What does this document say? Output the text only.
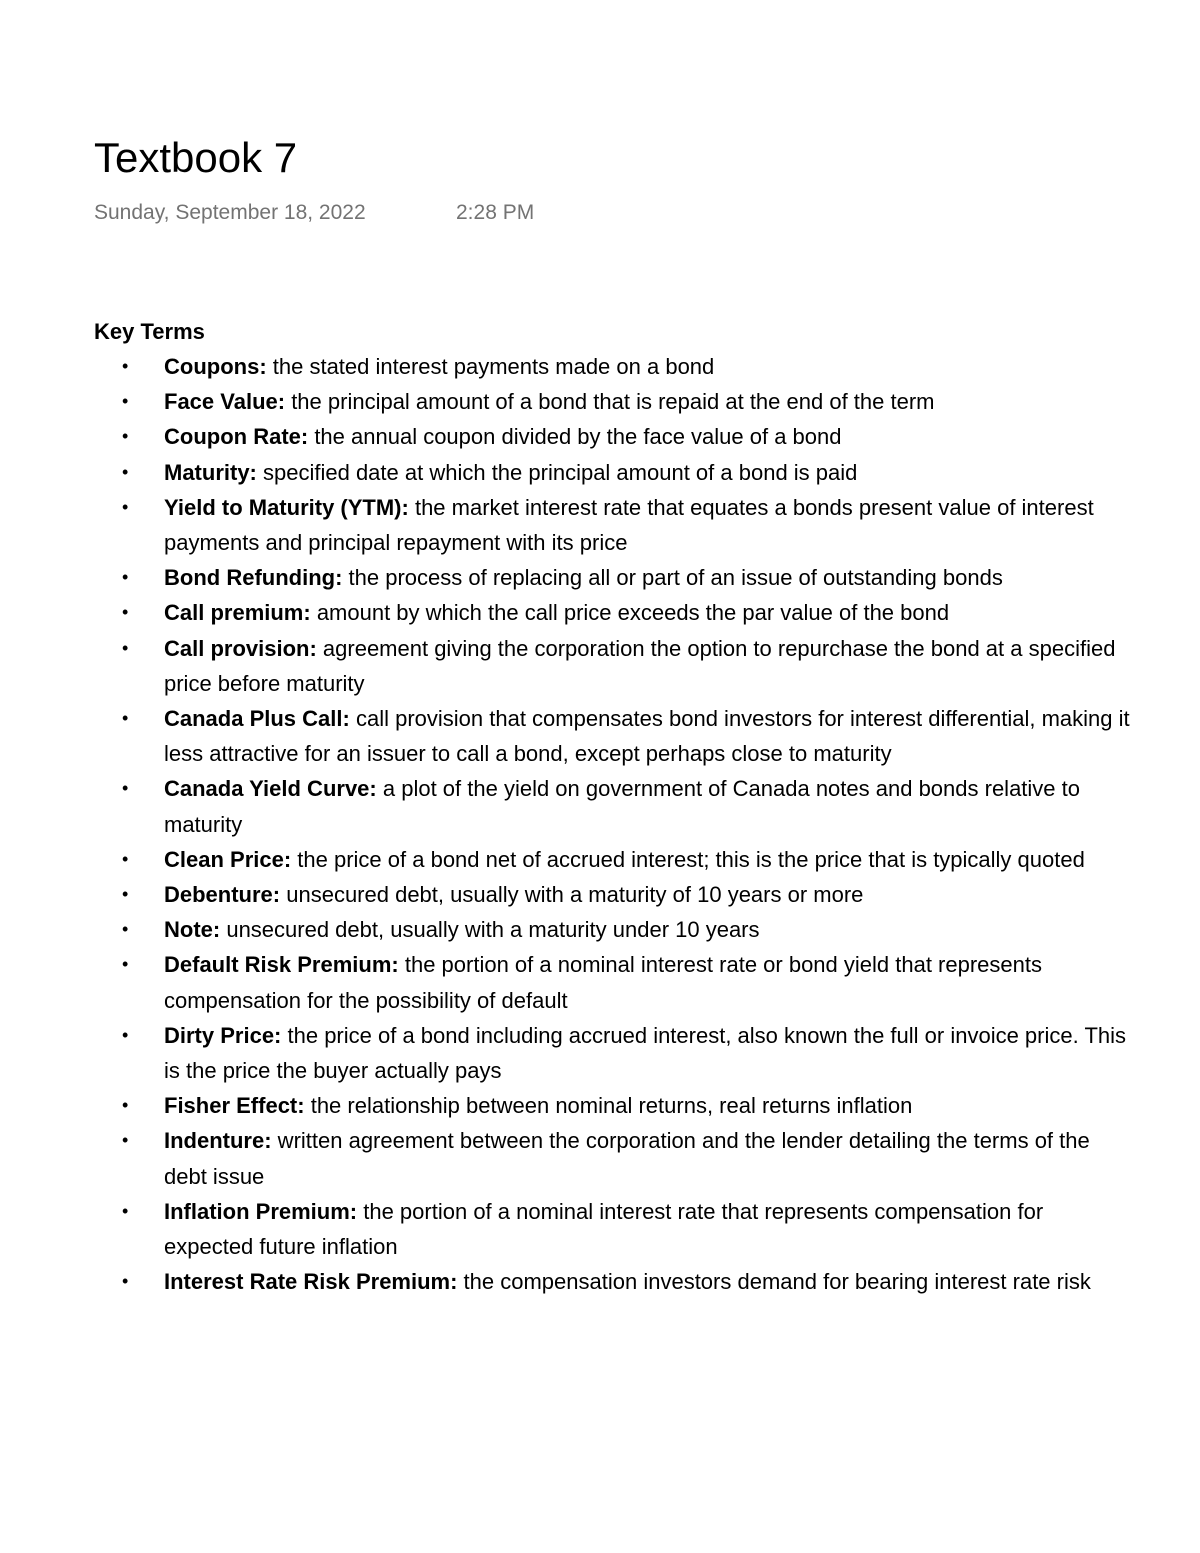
Textbook 7
Sunday, September 18, 2022	2:28 PM
Key Terms
• Coupons: the stated interest payments made on a bond
• Face Value: the principal amount of a bond that is repaid at the end of the term
• Coupon Rate: the annual coupon divided by the face value of a bond
• Maturity: specified date at which the principal amount of a bond is paid
• Yield to Maturity (YTM): the market interest rate that equates a bonds present value of interest payments and principal repayment with its price
• Bond Refunding: the process of replacing all or part of an issue of outstanding bonds
• Call premium: amount by which the call price exceeds the par value of the bond
• Call provision: agreement giving the corporation the option to repurchase the bond at a specified price before maturity
• Canada Plus Call: call provision that compensates bond investors for interest differential, making it less attractive for an issuer to call a bond, except perhaps close to maturity
• Canada Yield Curve: a plot of the yield on government of Canada notes and bonds relative to maturity
• Clean Price: the price of a bond net of accrued interest; this is the price that is typically quoted
• Debenture: unsecured debt, usually with a maturity of 10 years or more
• Note: unsecured debt, usually with a maturity under 10 years
• Default Risk Premium: the portion of a nominal interest rate or bond yield that represents compensation for the possibility of default
• Dirty Price: the price of a bond including accrued interest, also known the full or invoice price. This is the price the buyer actually pays
• Fisher Effect: the relationship between nominal returns, real returns inflation
• Indenture: written agreement between the corporation and the lender detailing the terms of the debt issue
• Inflation Premium: the portion of a nominal interest rate that represents compensation for expected future inflation
• Interest Rate Risk Premium: the compensation investors demand for bearing interest rate risk
